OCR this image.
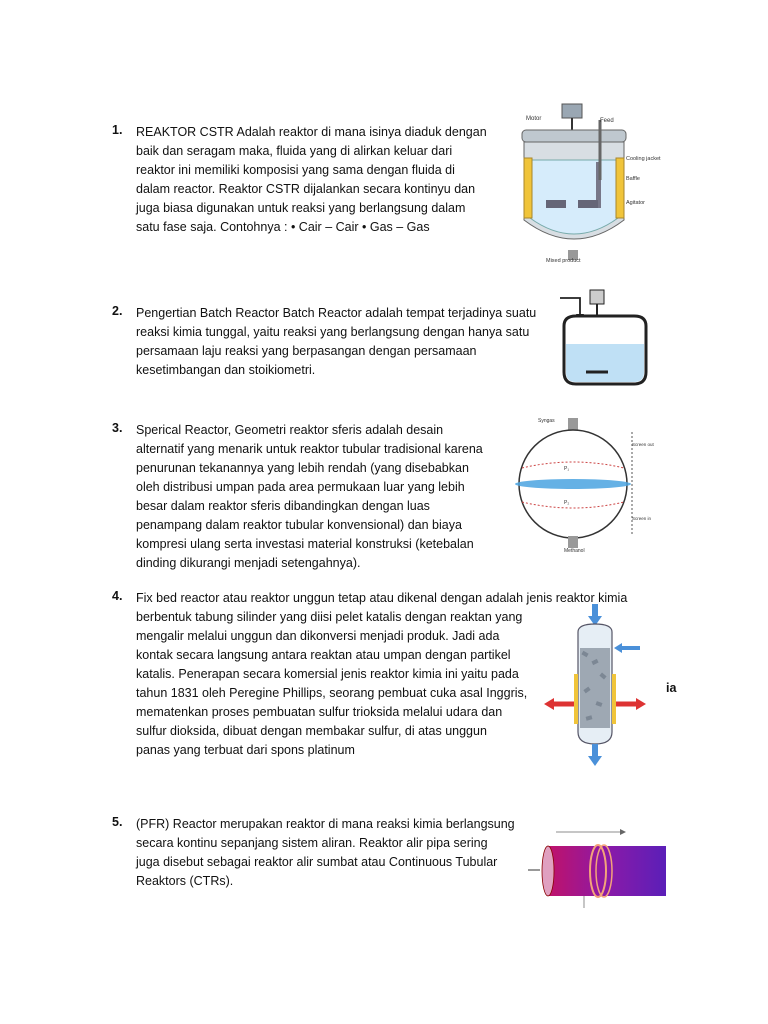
1. REAKTOR CSTR Adalah reaktor di mana isinya diaduk dengan
baik dan seragam maka, fluida yang di alirkan keluar dari
reaktor ini memiliki komposisi yang sama dengan fluida di
dalam reactor. Reaktor CSTR dijalankan secara kontinyu dan
juga biasa digunakan untuk reaksi yang berlangsung dalam
satu fase saja. Contohnya : • Cair – Cair • Gas – Gas
Motor	Feed
Cooling jacket
Baffle
Agitator
Mixed product
2. Pengertian Batch Reactor Batch Reactor adalah tempat terjadinya suatu
reaksi kimia tunggal, yaitu reaksi yang berlangsung dengan hanya satu
persamaan laju reaksi yang berpasangan dengan persamaan
kesetimbangan dan stoikiometri.
3. Sperical Reactor, Geometri reaktor sferis adalah desain
alternatif yang menarik untuk reaktor tubular tradisional karena
penurunan tekanannya yang lebih rendah (yang disebabkan
oleh distribusi umpan pada area permukaan luar yang lebih
besar dalam reaktor sferis dibandingkan dengan luas
penampang dalam reaktor tubular konvensional) dan biaya
kompresi ulang serta investasi material konstruksi (ketebalan
dinding dikurangi menjadi setengahnya).
Syngas
Methanol
Screen out
Screen in
P₁
P₂
4. Fix bed reactor atau reaktor unggun tetap atau dikenal dengan adalah jenis reaktor kimia
berbentuk tabung silinder yang diisi pelet katalis dengan reaktan yang
mengalir melalui unggun dan dikonversi menjadi produk. Jadi ada
kontak secara langsung antara reaktan atau umpan dengan partikel
katalis. Penerapan secara komersial jenis reaktor kimia ini yaitu pada
tahun 1831 oleh Peregine Phillips, seorang pembuat cuka asal Inggris,
mematenkan proses pembuatan sulfur trioksida melalui udara dan
sulfur dioksida, dibuat dengan membakar sulfur, di atas unggun
panas yang terbuat dari spons platinum
ia
5. (PFR) Reactor merupakan reaktor di mana reaksi kimia berlangsung
secara kontinu sepanjang sistem aliran. Reaktor alir pipa sering
juga disebut sebagai reaktor alir sumbat atau Continuous Tubular
Reaktors (CTRs).
